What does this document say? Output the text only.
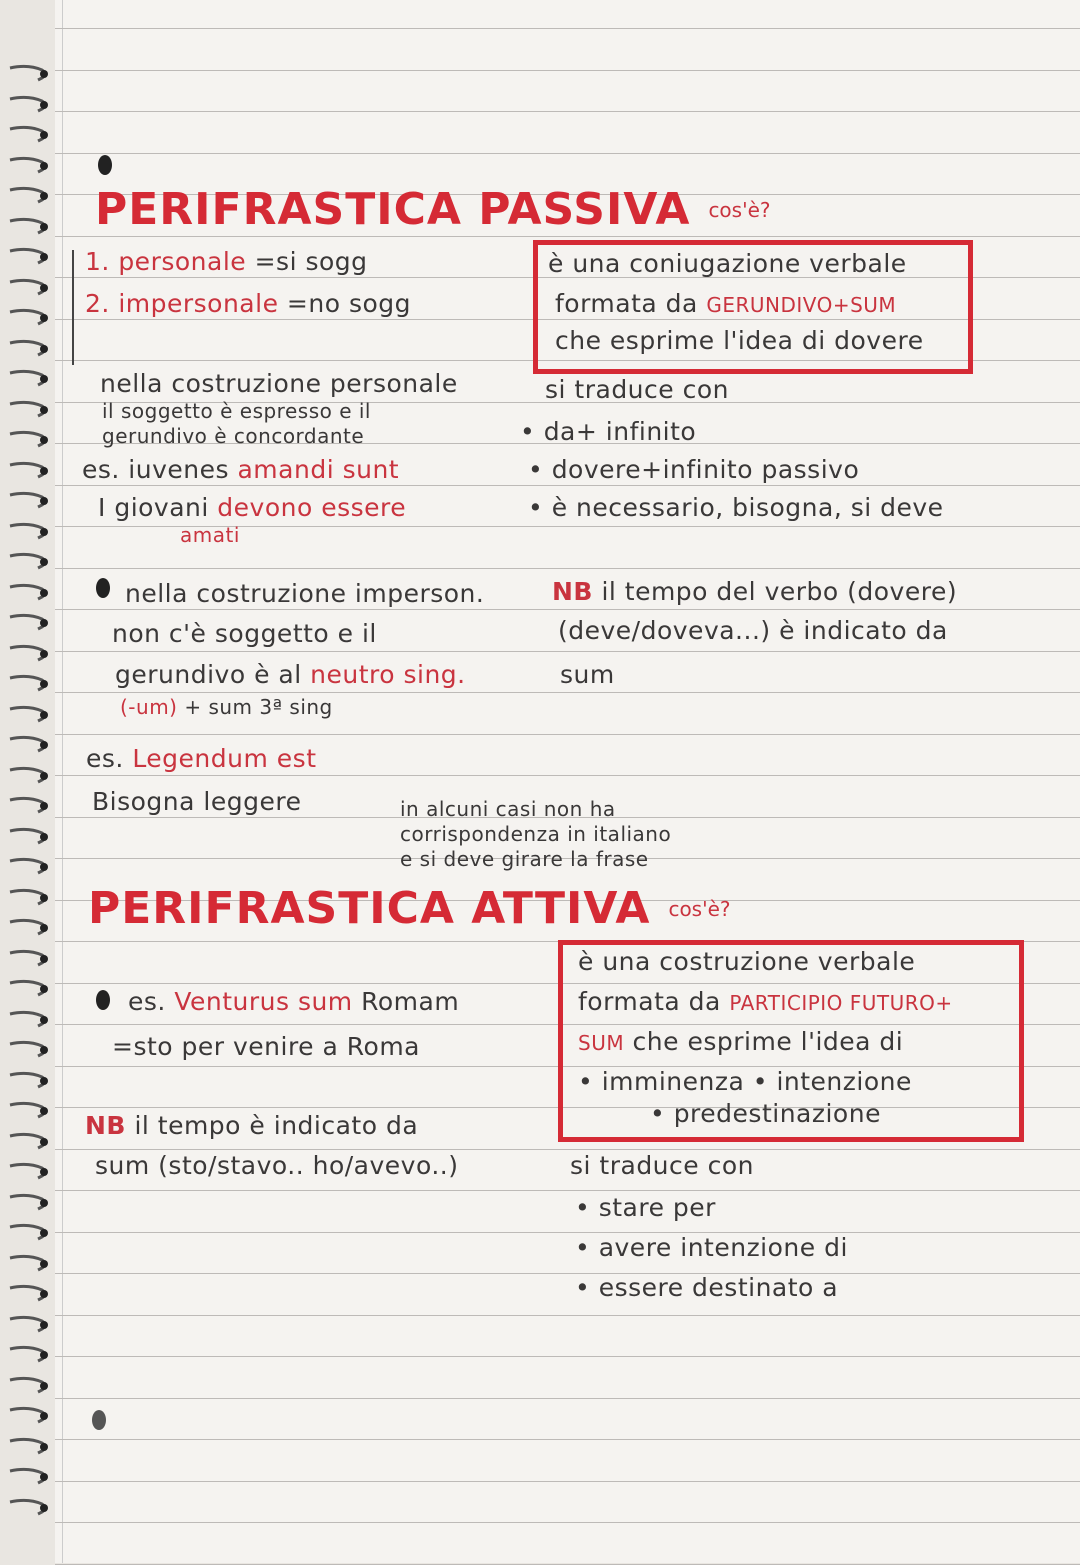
PERIFRASTICA PASSIVA cos'è?
1. personale =si sogg
2. impersonale =no sogg
è una coniugazione verbale
formata da GERUNDIVO+SUM
che esprime l'idea di dovere
nella costruzione personale
il soggetto è espresso e il
gerundivo è concordante
es. iuvenes amandi sunt
I giovani devono essere
amati
si traduce con
• da+ infinito
• dovere+infinito passivo
• è necessario, bisogna, si deve
nella costruzione imperson.
non c'è soggetto e il
gerundivo è al neutro sing.
(-um) + sum 3ª sing
NB il tempo del verbo (dovere)
(deve/doveva...) è indicato da
sum
es. Legendum est
Bisogna leggere	in alcuni casi non ha
corrispondenza in italiano
e si deve girare la frase
PERIFRASTICA ATTIVA cos'è?
è una costruzione verbale
formata da PARTICIPIO FUTURO+
SUM che esprime l'idea di
• imminenza • intenzione
• predestinazione
es. Venturus sum Romam
=sto per venire a Roma
NB il tempo è indicato da
sum (sto/stavo.. ho/avevo..)	si traduce con
• stare per
• avere intenzione di
• essere destinato a
